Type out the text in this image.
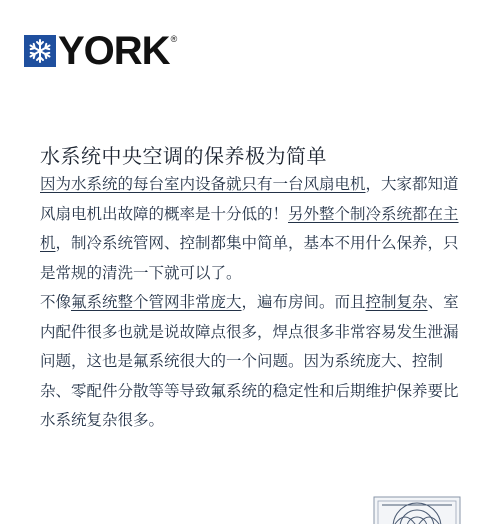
YORK ®
水系统中央空调的保养极为简单

因为水系统的每台室内设备就只有一台风扇电机，大家都知道风扇电机出故障的概率是十分低的！另外整个制冷系统都在主机，制冷系统管网、控制都集中简单，基本不用什么保养，只是常规的清洗一下就可以了。

不像氟系统整个管网非常庞大，遍布房间。而且控制复杂、室内配件很多也就是说故障点很多，焊点很多非常容易发生泄漏问题，这也是氟系统很大的一个问题。因为系统庞大、控制杂、零配件分散等等导致氟系统的稳定性和后期维护保养要比水系统复杂很多。
